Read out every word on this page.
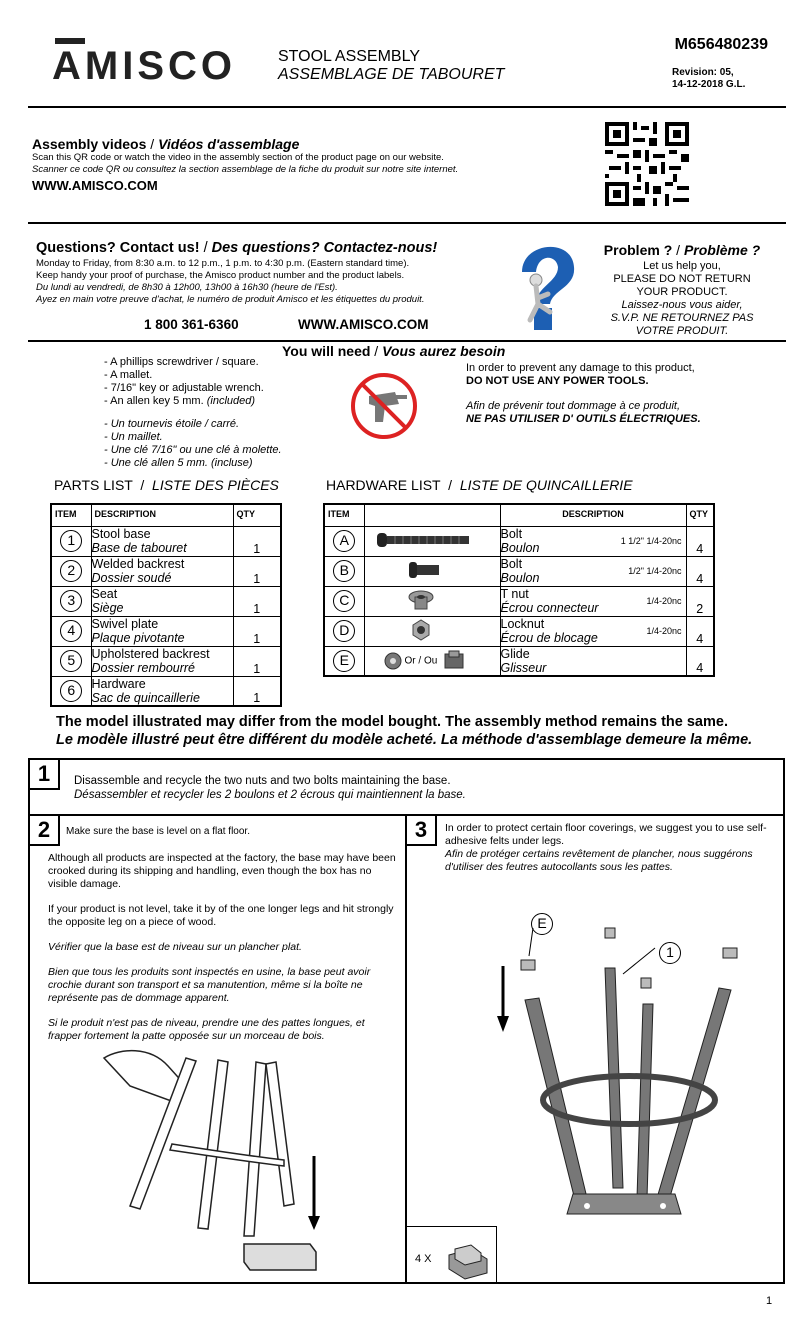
AMISCO	STOOL ASSEMBLY
ASSEMBLAGE DE TABOURET
M656480239
Revision: 05,
14-12-2018 G.L.
Assembly videos / Vidéos d'assemblage
Scan this QR code or watch the video in the assembly section of the product page on our website.
Scanner ce code QR ou consultez la section assemblage de la fiche du produit sur notre site internet.
WWW.AMISCO.COM
Questions? Contact us! / Des questions? Contactez-nous!
Monday to Friday, from 8:30 a.m. to 12 p.m., 1 p.m. to 4:30 p.m. (Eastern standard time).
Keep handy your proof of purchase, the Amisco product number and the product labels.
Du lundi au vendredi, de 8h30 à 12h00, 13h00 à 16h30 (heure de l'Est).
Ayez en main votre preuve d'achat, le numéro de produit Amisco et les étiquettes du produit.
1 800 361-6360	WWW.AMISCO.COM
Problem ? / Problème ?
Let us help you,
PLEASE DO NOT RETURN
YOUR PRODUCT.
Laissez-nous vous aider,
S.V.P. NE RETOURNEZ PAS
VOTRE PRODUIT.
You will need / Vous aurez besoin
- A phillips screwdriver / square.
- A mallet.
- 7/16" key or adjustable wrench.
- An allen key 5 mm. (included)
- Un tournevis étoile / carré.
- Un maillet.
- Une clé 7/16" ou une clé à molette.
- Une clé allen 5 mm. (incluse)
In order to prevent any damage to this product,
DO NOT USE ANY POWER TOOLS.
Afin de prévenir tout dommage à ce produit,
NE PAS UTILISER D' OUTILS ÉLECTRIQUES.
PARTS LIST / LISTE DES PIÈCES
ITEM	DESCRIPTION	QTY
1	Stool base
Base de tabouret	1
2	Welded backrest
Dossier soudé	1
3	Seat
Siège	1
4	Swivel plate
Plaque pivotante	1
5	Upholstered backrest
Dossier rembourré	1
6	Hardware
Sac de quincaillerie	1
HARDWARE LIST / LISTE DE QUINCAILLERIE
ITEM		DESCRIPTION	QTY
A		Bolt
Boulon 1 1/2" 1/4-20nc	4
B		Bolt
Boulon 1/2" 1/4-20nc	4
C		T nut
Écrou connecteur 1/4-20nc	2
D		Locknut
Écrou de blocage 1/4-20nc	4
E	Or / Ou	Glide
Glisseur	4
The model illustrated may differ from the model bought. The assembly method remains the same.
Le modèle illustré peut être différent du modèle acheté. La méthode d'assemblage demeure la même.
1	Disassemble and recycle the two nuts and two bolts maintaining the base.
Désassembler et recycler les 2 boulons et 2 écrous qui maintiennent la base.
2	Make sure the base is level on a flat floor.
Although all products are inspected at the factory, the base may have been crooked during its shipping and handling, even though the box has no visible damage.
If your product is not level, take it by of the one longer legs and hit strongly the opposite leg on a piece of wood.
Vérifier que la base est de niveau sur un plancher plat.
Bien que tous les produits sont inspectés en usine, la base peut avoir crochie durant son transport et sa manutention, même si la boîte ne représente pas de dommage apparent.
Si le produit n'est pas de niveau, prendre une des pattes longues, et frapper fortement la patte opposée sur un morceau de bois.
3	In order to protect certain floor coverings, we suggest you to use self-adhesive felts under legs.
Afin de protéger certains revêtement de plancher, nous suggérons d'utiliser des feutres autocollants sous les pattes.
E
1
4 X
1
